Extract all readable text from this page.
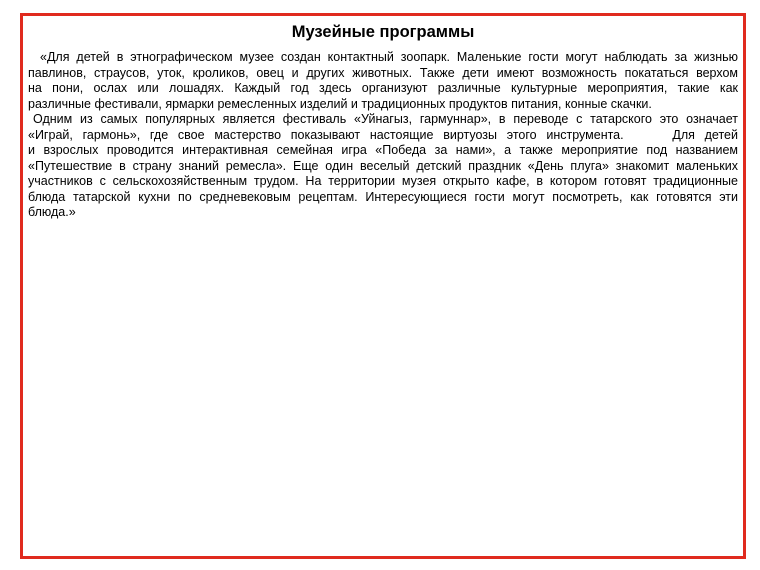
Музейные программы
«Для детей в этнографическом музее создан контактный зоопарк. Маленькие гости могут наблюдать за жизнью
павлинов, страусов, уток, кроликов, овец и других животных. Также дети имеют возможность покататься верхом
на пони, ослах или лошадях. Каждый год здесь организуют различные культурные мероприятия, такие как
различные фестивали, ярмарки ремесленных изделий и традиционных продуктов питания, конные скачки.
Одним из самых популярных является фестиваль «Уйнагыз, гармуннар», в переводе с татарского это означает
«Играй, гармонь», где свое мастерство показывают настоящие виртуозы этого инструмента.     Для детей
и взрослых проводится интерактивная семейная игра «Победа за нами», а также мероприятие под названием
«Путешествие в страну знаний ремесла». Еще один веселый детский праздник «День плуга» знакомит маленьких
участников с сельскохозяйственным трудом. На территории музея открыто кафе, в котором готовят традиционные
блюда татарской кухни по средневековым рецептам. Интересующиеся гости могут посмотреть, как готовятся эти
блюда.»
